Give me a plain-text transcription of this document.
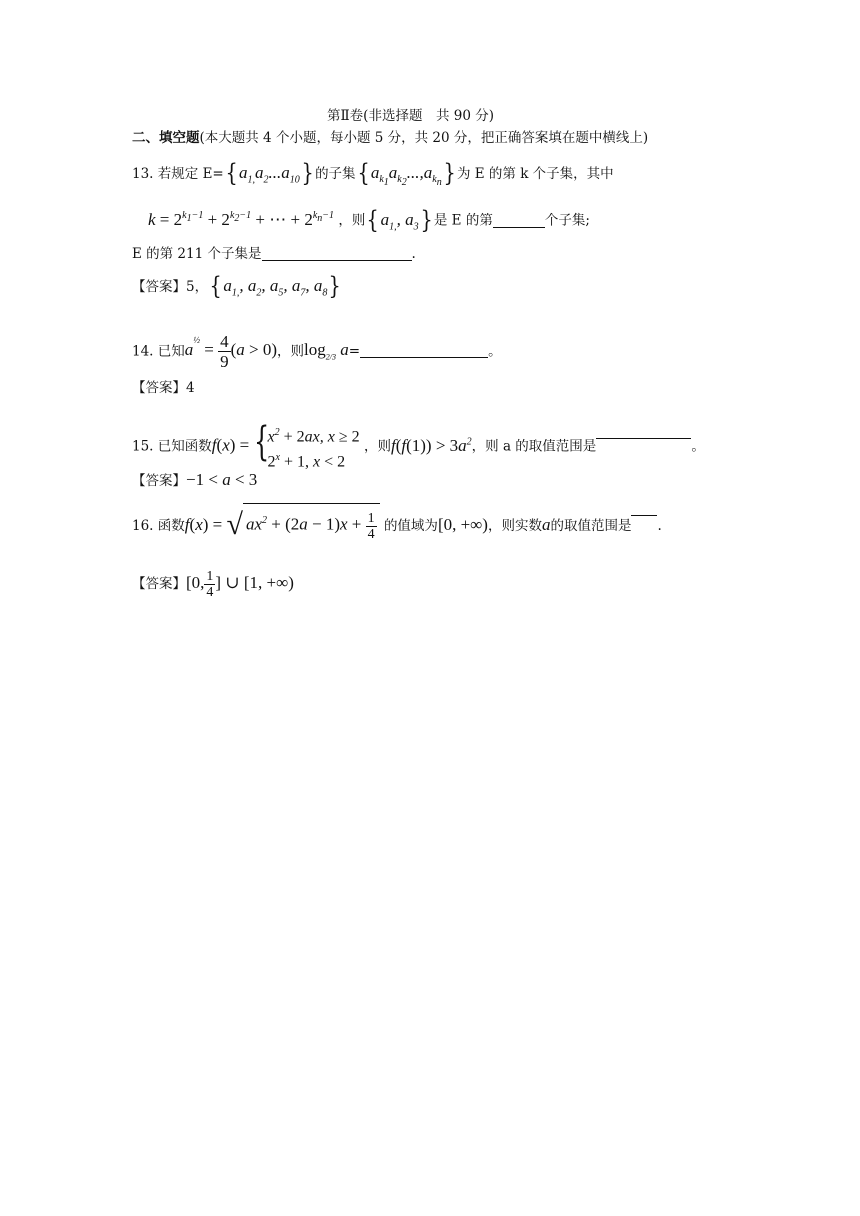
第Ⅱ卷(非选择题　共 90 分)
二、填空题(本大题共 4 个小题，每小题 5 分，共 20 分，把正确答案填在题中横线上)
13. 若规定 $E=\{a_{1,}a_2...a_{10}\}$ 的子集$\{a_{k_1}a_{k_2}...,a_{k_n}\}$ 为 E 的第 k 个子集，其中
$k = 2^{k_1-1} + 2^{k_2-1}$ + ⋯ + $2^{k_n-1}$ ，则{$a_{1,}$, $a_3$} 是 E 的第	个子集;
E 的第 211 个子集是	.
【答案】5，{$a_{1,}$, $a_2$, $a_5$, $a_7$, $a_8$}
14. 已知$a^{\frac{1}{2}} = \frac{4}{9} (a > 0)$，则$\log_{2/3} a=$	。
【答案】4
15. 已知函数f(x) = {
$x^2 + 2ax$, x ≥ 2
$2^x + 1$, x < 2
，则$f(f(1)) > 3a^2$，则 a 的取值范围是	。
【答案】−1 < a < 3
16. 函数f(x) = √ $ax^2 + (2a - 1)x + \frac{1}{4}$ 的值域为[0, +∞)，则实数a的取值范围是 .
【答案】[0, $\frac{1}{4}$ ] ∪ [1, +∞)
